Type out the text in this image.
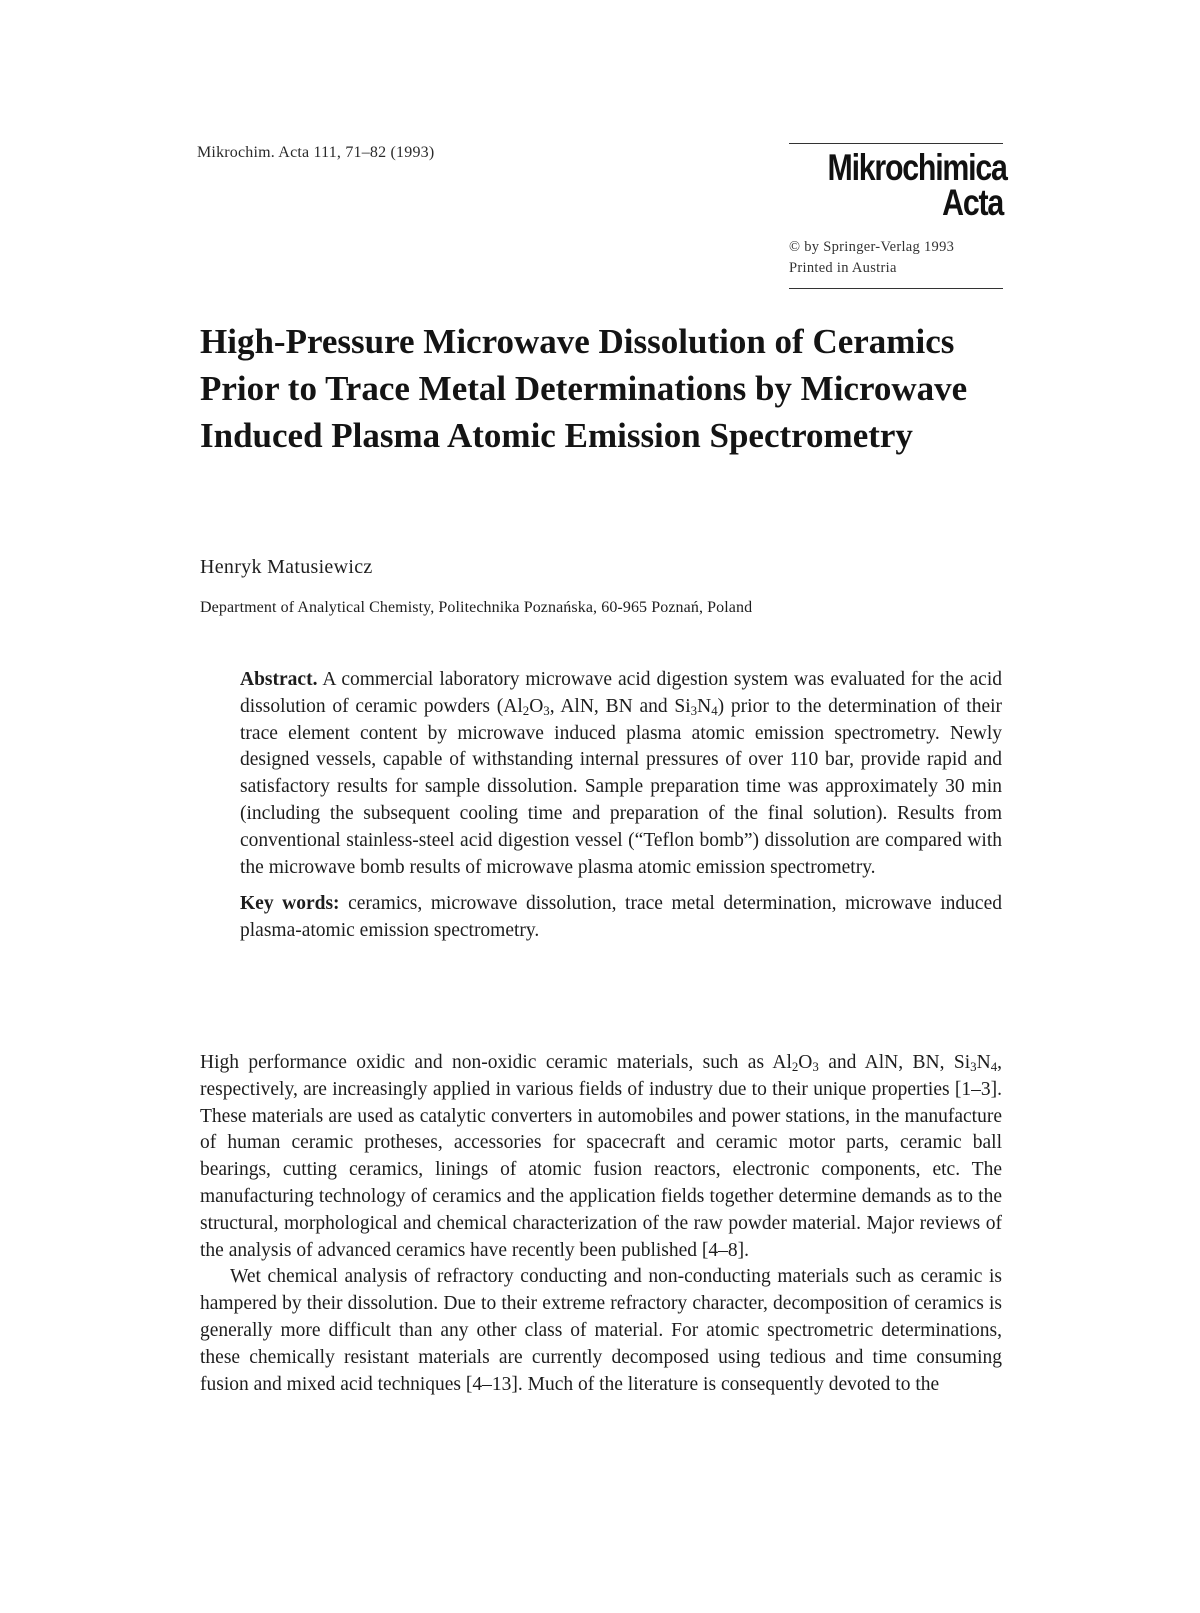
Mikrochim. Acta 111, 71–82 (1993)	Mikrochimica
Acta
© by Springer-Verlag 1993
Printed in Austria
High-Pressure Microwave Dissolution of Ceramics Prior to Trace Metal Determinations by Microwave Induced Plasma Atomic Emission Spectrometry
Henryk Matusiewicz
Department of Analytical Chemisty, Politechnika Poznańska, 60-965 Poznań, Poland

Abstract. A commercial laboratory microwave acid digestion system was evaluated for the acid dissolution of ceramic powders ($Al_2O_3$, AlN, BN and $Si_3N_4$) prior to the determination of their trace element content by microwave induced plasma atomic emission spectrometry. Newly designed vessels, capable of withstanding internal pressures of over 110 bar, provide rapid and satisfactory results for sample dissolution. Sample preparation time was approximately 30 min (including the subsequent cooling time and preparation of the final solution). Results from conventional stainless-steel acid digestion vessel (“Teflon bomb”) dissolution are compared with the microwave bomb results of microwave plasma atomic emission spectrometry.

Key words: ceramics, microwave dissolution, trace metal determination, microwave induced plasma-atomic emission spectrometry.

High performance oxidic and non-oxidic ceramic materials, such as $Al_2O_3$ and AlN, BN, $Si_3N_4$, respectively, are increasingly applied in various fields of industry due to their unique properties [1–3]. These materials are used as catalytic converters in automobiles and power stations, in the manufacture of human ceramic protheses, accessories for spacecraft and ceramic motor parts, ceramic ball bearings, cutting ceramics, linings of atomic fusion reactors, electronic components, etc. The manufacturing technology of ceramics and the application fields together determine demands as to the structural, morphological and chemical characterization of the raw powder material. Major reviews of the analysis of advanced ceramics have recently been published [4–8].

Wet chemical analysis of refractory conducting and non-conducting materials such as ceramic is hampered by their dissolution. Due to their extreme refractory character, decomposition of ceramics is generally more difficult than any other class of material. For atomic spectrometric determinations, these chemically resistant materials are currently decomposed using tedious and time consuming fusion and mixed acid techniques [4–13]. Much of the literature is consequently devoted to the
